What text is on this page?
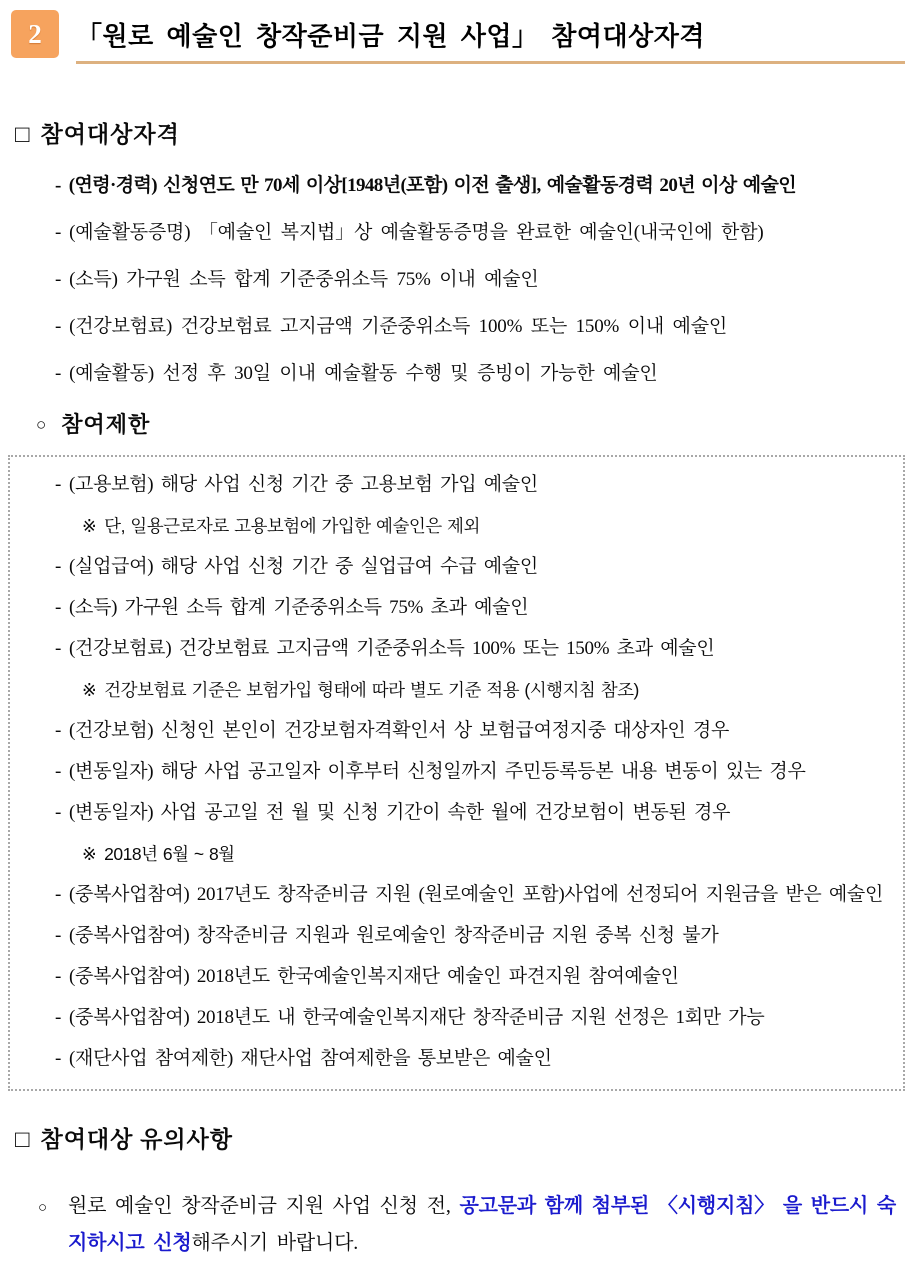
2	「원로 예술인 창작준비금 지원 사업」 참여대상자격
□ 참여대상자격
- (연령·경력) 신청연도 만 70세 이상[1948년(포함) 이전 출생], 예술활동경력 20년 이상 예술인
- (예술활동증명) 「예술인 복지법」상 예술활동증명을 완료한 예술인(내국인에 한함)
- (소득) 가구원 소득 합계 기준중위소득 75% 이내 예술인
- (건강보험료) 건강보험료 고지금액 기준중위소득 100% 또는 150% 이내 예술인
- (예술활동) 선정 후 30일 이내 예술활동 수행 및 증빙이 가능한 예술인
○ 참여제한
- (고용보험) 해당 사업 신청 기간 중 고용보험 가입 예술인
※ 단, 일용근로자로 고용보험에 가입한 예술인은 제외
- (실업급여) 해당 사업 신청 기간 중 실업급여 수급 예술인
- (소득) 가구원 소득 합계 기준중위소득 75% 초과 예술인
- (건강보험료) 건강보험료 고지금액 기준중위소득 100% 또는 150% 초과 예술인
※ 건강보험료 기준은 보험가입 형태에 따라 별도 기준 적용 (시행지침 참조)
- (건강보험) 신청인 본인이 건강보험자격확인서 상 보험급여정지중 대상자인 경우
- (변동일자) 해당 사업 공고일자 이후부터 신청일까지 주민등록등본 내용 변동이 있는 경우
- (변동일자) 사업 공고일 전 월 및 신청 기간이 속한 월에 건강보험이 변동된 경우
※ 2018년 6월 ~ 8월
- (중복사업참여) 2017년도 창작준비금 지원 (원로예술인 포함)사업에 선정되어 지원금을 받은 예술인
- (중복사업참여) 창작준비금 지원과 원로예술인 창작준비금 지원 중복 신청 불가
- (중복사업참여) 2018년도 한국예술인복지재단 예술인 파견지원 참여예술인
- (중복사업참여) 2018년도 내 한국예술인복지재단 창작준비금 지원 선정은 1회만 가능
- (재단사업 참여제한) 재단사업 참여제한을 통보받은 예술인
□ 참여대상 유의사항
○ 원로 예술인 창작준비금 지원 사업 신청 전, 공고문과 함께 첨부된 〈시행지침〉 을 반드시 숙지하시고 신청해주시기 바랍니다.
